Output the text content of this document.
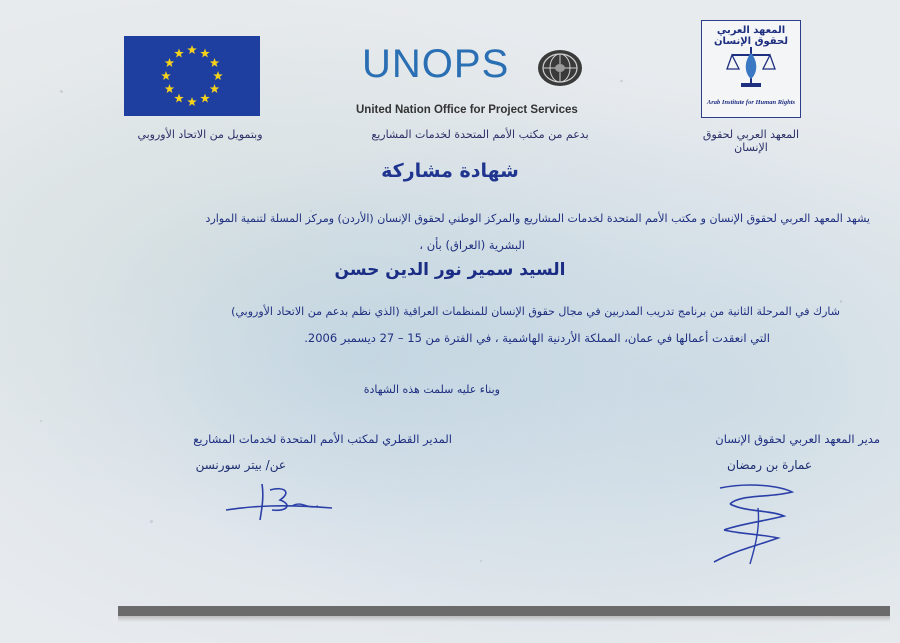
وبتمويل من الاتحاد الأوروبي
UNOPS
United Nation Office for Project Services
بدعم من مكتب الأمم المتحدة لخدمات المشاريع
المعهد العربي لحقوق الإنسان
Arab Institute for Human Rights
المعهد العربي لحقوق الإنسان
شهادة مشاركة
يشهد المعهد العربي لحقوق الإنسان و مكتب الأمم المتحدة لخدمات المشاريع والمركز الوطني لحقوق الإنسان (الأردن) ومركز المسلة لتنمية الموارد
البشرية (العراق) بأن ،
السيد سمير نور الدين حسن
شارك في المرحلة الثانية من برنامج تدريب المدربين في مجال حقوق الإنسان للمنظمات العراقية (الذي نظم بدعم من الاتحاد الأوروبي)
التي انعقدت أعمالها في عمان، المملكة الأردنية الهاشمية ، في الفترة من 15 – 27 ديسمبر 2006.
وبناء عليه سلمت هذه الشهادة
المدير القطري لمكتب الأمم المتحدة لخدمات المشاريع
عن/ بيتر سورنسن
مدير المعهد العربي لحقوق الإنسان
عمارة بن رمضان
